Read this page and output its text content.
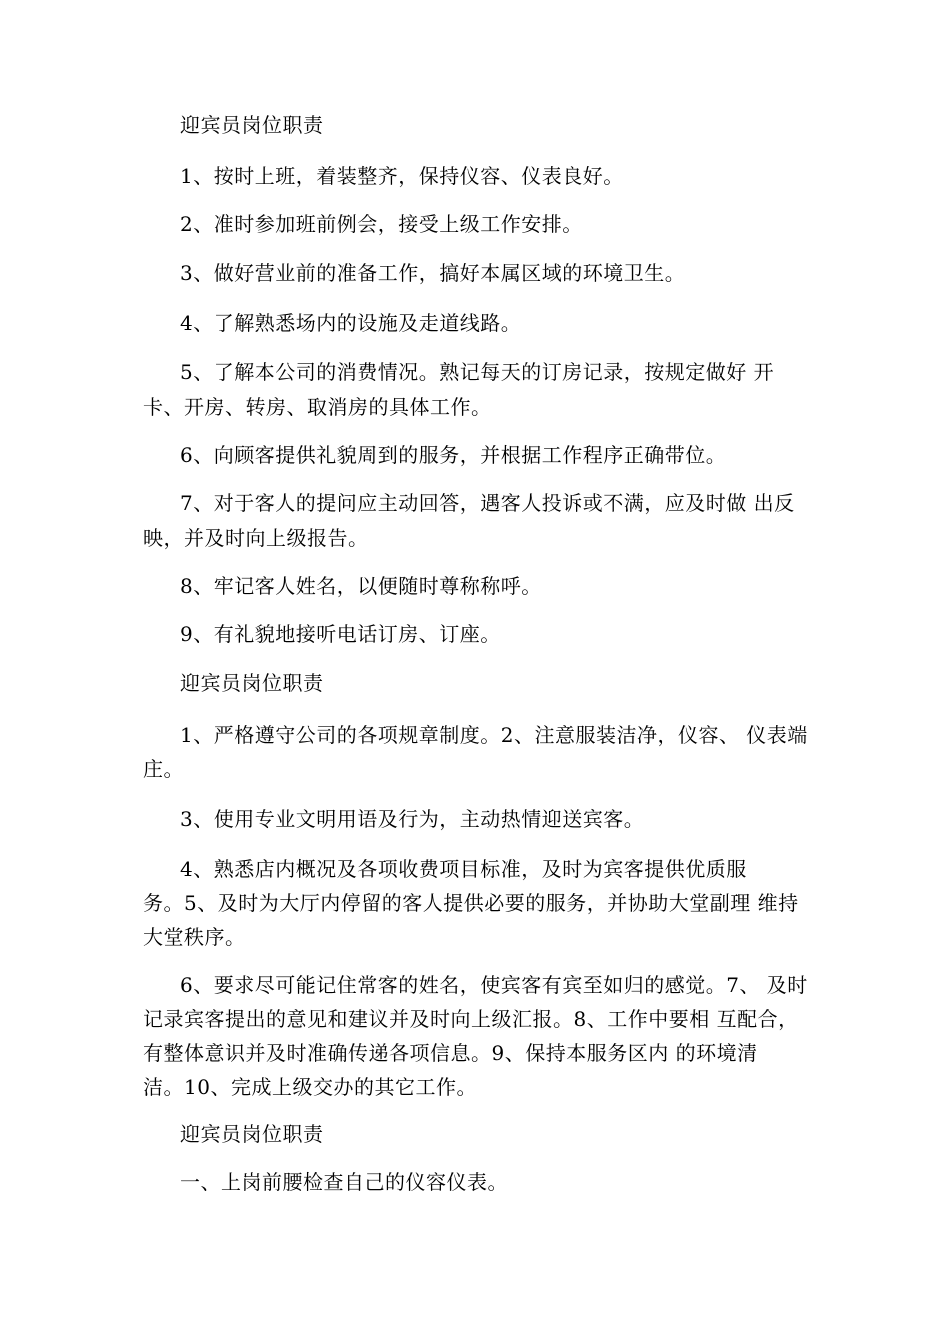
迎宾员岗位职责
1、按时上班，着装整齐，保持仪容、仪表良好。
2、准时参加班前例会，接受上级工作安排。
3、做好营业前的准备工作，搞好本属区域的环境卫生。
4、了解熟悉场内的设施及走道线路。
5、了解本公司的消费情况。熟记每天的订房记录，按规定做好 开
卡、开房、转房、取消房的具体工作。
6、向顾客提供礼貌周到的服务，并根据工作程序正确带位。
7、对于客人的提问应主动回答，遇客人投诉或不满，应及时做 出反
映，并及时向上级报告。
8、牢记客人姓名，以便随时尊称称呼。
9、有礼貌地接听电话订房、订座。
迎宾员岗位职责
1、严格遵守公司的各项规章制度。2、注意服装洁净，仪容、 仪表端
庄。
3、使用专业文明用语及行为，主动热情迎送宾客。
4、熟悉店内概况及各项收费项目标准，及时为宾客提供优质服
务。5、及时为大厅内停留的客人提供必要的服务，并协助大堂副理 维持
大堂秩序。
6、要求尽可能记住常客的姓名，使宾客有宾至如归的感觉。7、 及时
记录宾客提出的意见和建议并及时向上级汇报。8、工作中要相 互配合，
有整体意识并及时准确传递各项信息。9、保持本服务区内 的环境清
洁。10、完成上级交办的其它工作。
迎宾员岗位职责
一、上岗前腰检查自己的仪容仪表。
